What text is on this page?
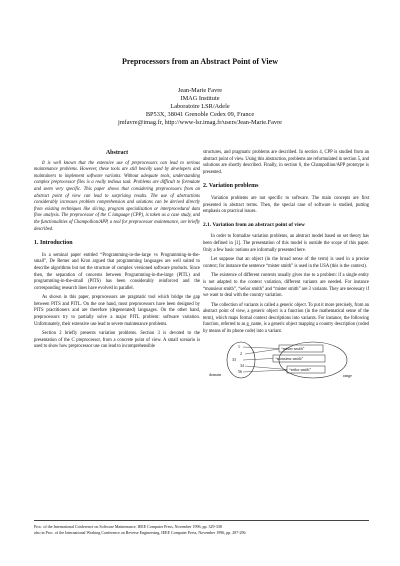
Preprocessors from an Abstract Point of View
Jean-Marie Favre
IMAG Institute
Laboratoire LSR/Adele
BP53X, 38041 Grenoble Cedex 09, France
jmfavre@imag.fr, http://www-lsr.imag.fr/users/Jean-Marie.Favre
Abstract

It is well known that the extensive use of preprocessors can lead to serious maintenance problems. However, these tools are still heavily used by developers and maintainers to implement software variants. Without adequate tools, understanding complex preprocessor files is a really tedious task. Problems are difficult to formulate and seem very specific. This paper shows that considering preprocessors from an abstract point of view can lead to surprising results. The use of abstractions considerably increases problem comprehension and solutions can be derived directly from existing techniques like slicing, program specialization or interprocedural data flow analysis. The preprocessor of the C language (CPP), is taken as a case study, and the functionalities of Champollion/APP, a tool for preprocessor maintenance, are briefly described.

1. Introduction

In a seminal paper entitled “Programming-in-the-large vs Programming-in-the-small”, De Remer and Kron argued that programming languages are well suited to describe algorithms but not the structure of complex versioned software products. Since then, the separation of concerns between Programming-in-the-large (PITL) and programming-in-the-small (PITS) has been considerably reinforced and the corresponding research lines have evolved in parallel.

As shown in this paper, preprocessors are pragmatic tool which bridge the gap between PITS and PITL. On the one hand, most preprocessors have been designed by PITS practitioners and are therefore (degenerated) languages. On the other hand, preprocessors try to partially solve a major PITL problem: software variation. Unfortunately, their extensive use lead to severe maintenance problems.

Section 2 briefly presents variation problems. Section 3 is devoted to the presentation of the C preprocessor, from a concrete point of view. A small scenario is used to show how preprocessor use can lead to incomprehensible

structures, and pragmatic problems are described. In section 4, CPP is studied from an abstract point of view. Using this abstraction, problems are reformulated in section 5, and solutions are shortly described. Finally, in section 6, the Champollion/APP prototype is presented.

2. Variation problems

Variation problems are not specific to software. The main concepts are first presented in abstract terms. Then, the special case of software is studied, putting emphasis on practical issues.

2.1. Variation from an abstract point of view

In order to formalize variation problems, an abstract model based on set theory has been defined in [1]. The presentation of this model is outside the scope of this paper. Only a few basic notions are informally presented here.

Let suppose that an object (in the broad sense of the term) is used in a precise context; for instance the sentence “mister smith” is used in the USA (this is the context).

The existence of different contexts usually gives rise to a problem: if a single entity is not adapted to the context variation, different variants are needed. For instance “monsieur smith”, “señor smith” and “mister smith” are 3 variants. They are necessary if we want to deal with the country variation.

The collection of variants is called a generic object. To put it more precisely, from an abstract point of view, a generic object is a function (in the mathematical sense of the term), which maps formal context descriptions into variants. For instance, the following function, referred to as g_name, is a generic object mapping a country description (coded by means of its phone code) into a variant.

1
2
33
34
56
“mister smith”
“monsieur smith”
“señor smith”
domain	range
Proc. of the International Conference on Software Maintenance, IEEE Computer Press, November 1996, pp. 329-338
also in Proc. of the International Working Conference on Reverse Engineering, IEEE Computer Press, November 1996, pp. 287-296
